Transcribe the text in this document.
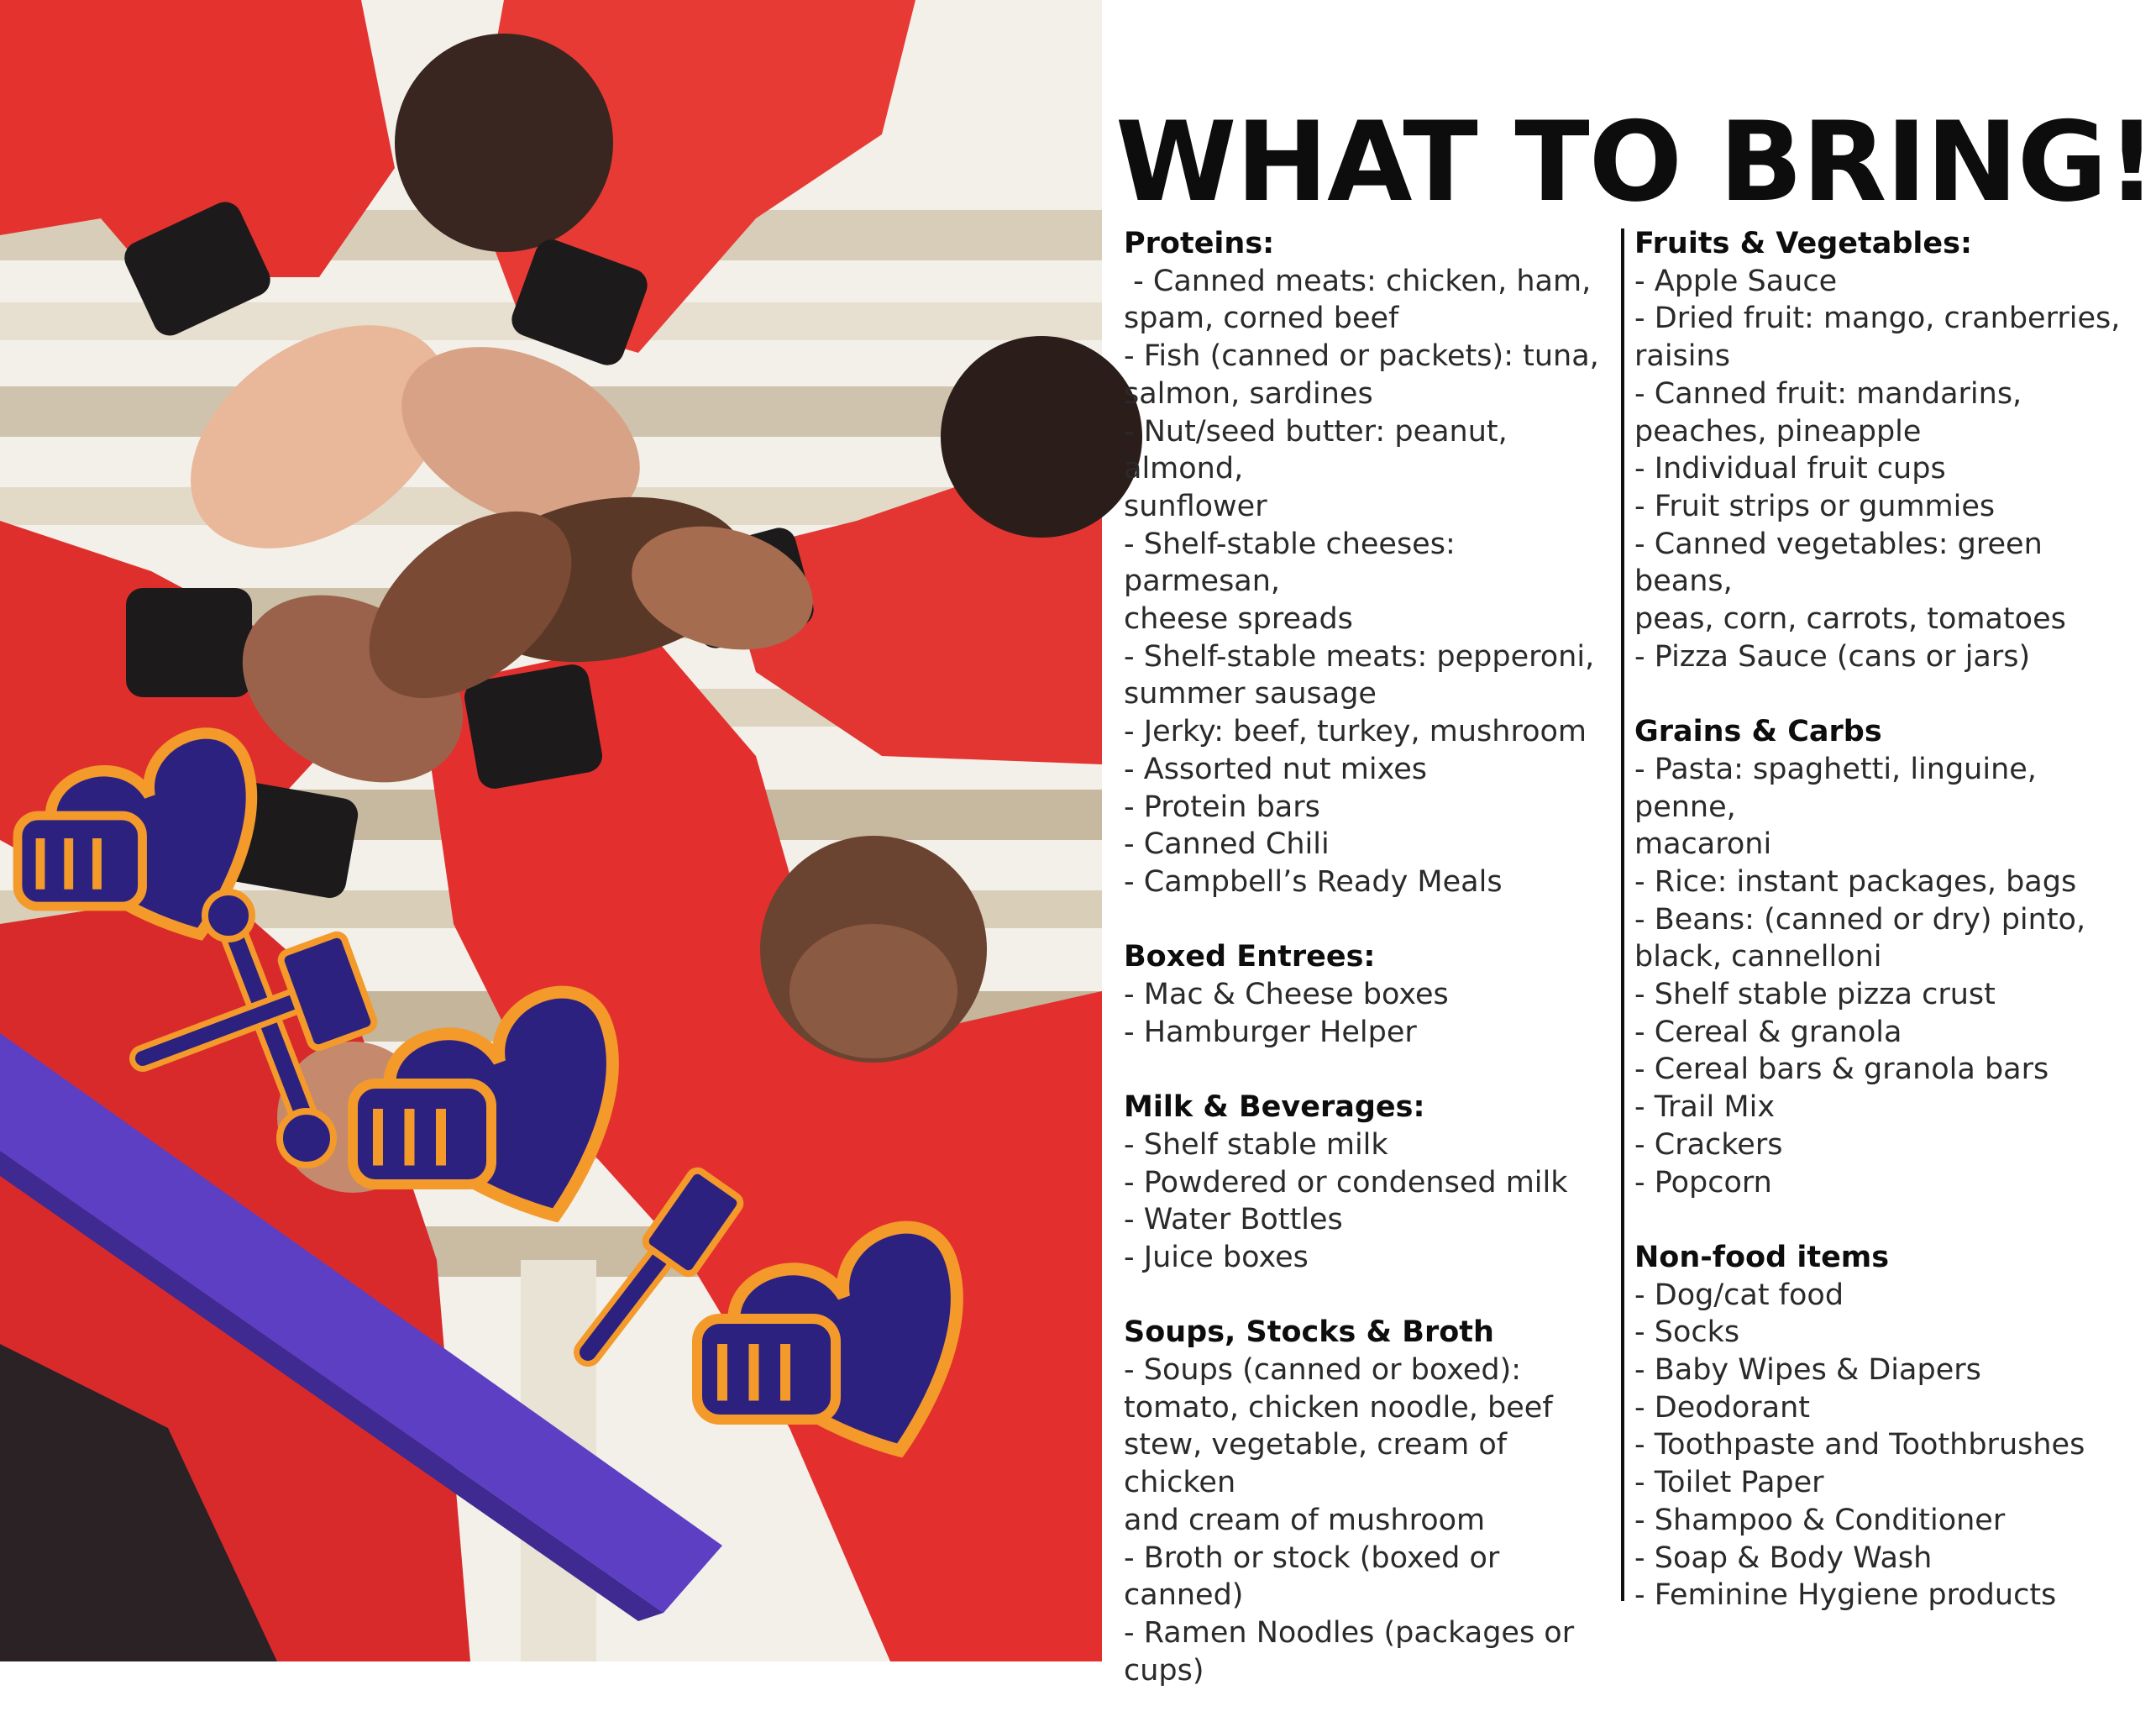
WHAT TO BRING!

Proteins:

- Canned meats: chicken, ham,

spam, corned beef

- Fish (canned or packets): tuna,

salmon, sardines

- Nut/seed butter: peanut, almond,

sunflower

- Shelf-stable cheeses: parmesan,

cheese spreads

- Shelf-stable meats: pepperoni,

summer sausage

- Jerky: beef, turkey, mushroom

- Assorted nut mixes

- Protein bars

- Canned Chili

- Campbell’s Ready Meals

Boxed Entrees:

- Mac & Cheese boxes

- Hamburger Helper

Milk & Beverages:

- Shelf stable milk

- Powdered or condensed milk

- Water Bottles

- Juice boxes

Soups, Stocks & Broth

- Soups (canned or boxed):

tomato, chicken noodle, beef

stew, vegetable, cream of chicken

and cream of mushroom

- Broth or stock (boxed or canned)

- Ramen Noodles (packages or

cups)

Fruits & Vegetables:

- Apple Sauce

- Dried fruit: mango, cranberries,

raisins

- Canned fruit: mandarins,

peaches, pineapple

- Individual fruit cups

- Fruit strips or gummies

- Canned vegetables: green beans,

peas, corn, carrots, tomatoes

- Pizza Sauce (cans or jars)

Grains & Carbs

- Pasta: spaghetti, linguine, penne,

macaroni

- Rice: instant packages, bags

- Beans: (canned or dry) pinto,

black, cannelloni

- Shelf stable pizza crust

- Cereal & granola

- Cereal bars & granola bars

- Trail Mix

- Crackers

- Popcorn

Non-food items

- Dog/cat food

- Socks

- Baby Wipes & Diapers

- Deodorant

- Toothpaste and Toothbrushes

- Toilet Paper

- Shampoo & Conditioner

- Soap & Body Wash

- Feminine Hygiene products
